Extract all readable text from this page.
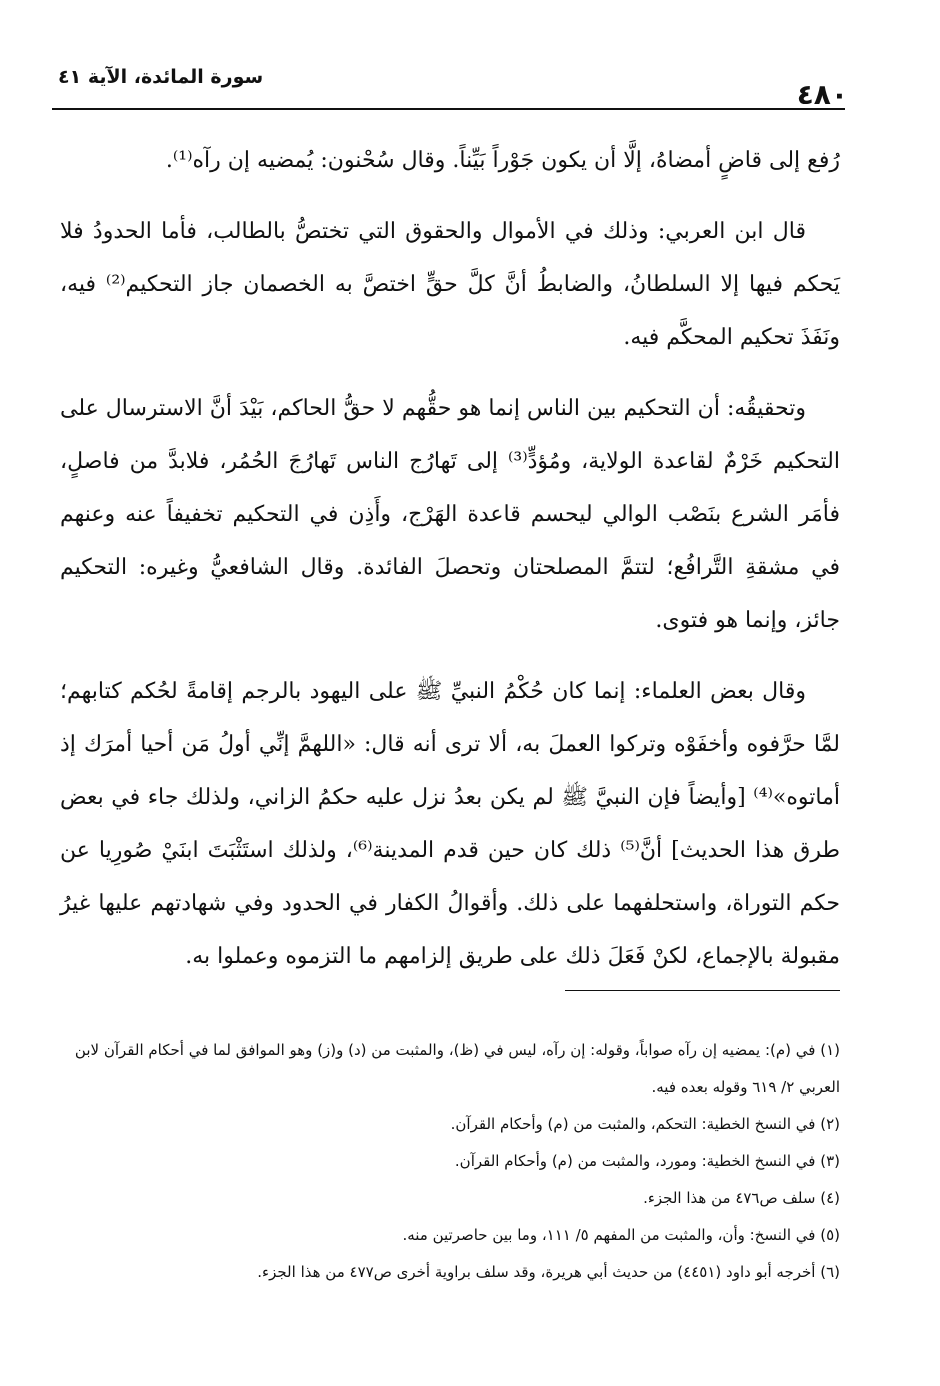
سورة المائدة، الآية ٤١
٤٨٠

رُفع إلى قاضٍ أمضاهُ، إلَّا أن يكون جَوْراً بَيِّناً. وقال سُحْنون: يُمضيه إن رآه⁽¹⁾.

قال ابن العربي: وذلك في الأموال والحقوق التي تختصُّ بالطالب، فأما الحدودُ فلا يَحكم فيها إلا السلطانُ، والضابطُ أنَّ كلَّ حقٍّ اختصَّ به الخصمان جاز التحكيم⁽²⁾ فيه، ونَفَذَ تحكيم المحكَّم فيه.

وتحقيقُه: أن التحكيم بين الناس إنما هو حقُّهم لا حقُّ الحاكم، بَيْدَ أنَّ الاسترسال على التحكيم خَرْمٌ لقاعدة الولاية، ومُؤدٍّ⁽³⁾ إلى تَهارُج الناس تَهارُجَ الحُمُر، فلابدَّ من فاصلٍ، فأمَر الشرع بنَصْب الوالي ليحسم قاعدة الهَرْج، وأَذِن في التحكيم تخفيفاً عنه وعنهم في مشقةِ التَّرافُع؛ لتتمَّ المصلحتان وتحصلَ الفائدة. وقال الشافعيُّ وغيره: التحكيم جائز، وإنما هو فتوى.

وقال بعض العلماء: إنما كان حُكْمُ النبيِّ ﷺ على اليهود بالرجم إقامةً لحُكم كتابهم؛ لمَّا حرَّفوه وأخفَوْه وتركوا العملَ به، ألا ترى أنه قال: «اللهمَّ إنِّي أولُ مَن أحيا أمرَك إذ أماتوه»⁽⁴⁾ [وأيضاً فإن النبيَّ ﷺ لم يكن بعدُ نزل عليه حكمُ الزاني، ولذلك جاء في بعض طرق هذا الحديث] أنَّ⁽⁵⁾ ذلك كان حين قدم المدينة⁽⁶⁾، ولذلك استَثْبَتَ ابنَيْ صُورِيا عن حكم التوراة، واستحلفهما على ذلك. وأقوالُ الكفار في الحدود وفي شهادتهم عليها غيرُ مقبولة بالإجماع، لكنْ فَعَلَ ذلك على طريق إلزامهم ما التزموه وعملوا به.

(١) في (م): يمضيه إن رآه صواباً، وقوله: إن رآه، ليس في (ظ)، والمثبت من (د) و(ز) وهو الموافق لما في أحكام القرآن لابن العربي ٢/ ٦١٩ وقوله بعده فيه.

(٢) في النسخ الخطية: التحكم، والمثبت من (م) وأحكام القرآن.

(٣) في النسخ الخطية: ومورد، والمثبت من (م) وأحكام القرآن.

(٤) سلف ص٤٧٦ من هذا الجزء.

(٥) في النسخ: وأن، والمثبت من المفهم ٥/ ١١١، وما بين حاصرتين منه.

(٦) أخرجه أبو داود (٤٤٥١) من حديث أبي هريرة، وقد سلف براوية أخرى ص٤٧٧ من هذا الجزء.
